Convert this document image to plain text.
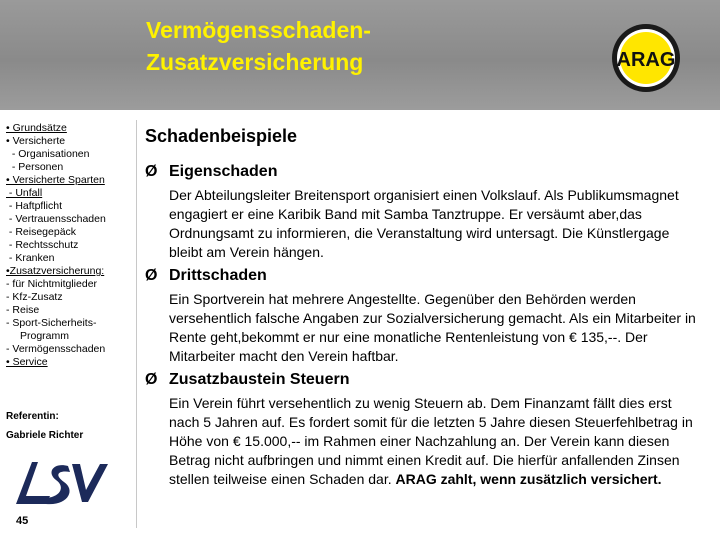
Vermögensschaden-
Zusatzversicherung	ARAG
• Grundsätze
• Versicherte
- Organisationen
- Personen
• Versicherte Sparten
- Unfall
- Haftpflicht
- Vertrauensschaden
- Reisegepäck
- Rechtsschutz
- Kranken
•Zusatzversicherung:
- für Nichtmitglieder
- Kfz-Zusatz
- Reise
- Sport-Sicherheits-
Programm
- Vermögensschaden
• Service
Referentin:
Gabriele Richter
LSV
45
Schadenbeispiele
Ø Eigenschaden

Der Abteilungsleiter Breitensport organisiert einen Volkslauf. Als Publikumsmagnet engagiert er eine Karibik Band mit Samba Tanztruppe. Er versäumt aber,das Ordnungsamt zu informieren, die Veranstaltung wird untersagt. Die Künstlergage bleibt am Verein hängen.

Ø Drittschaden

Ein Sportverein hat mehrere Angestellte. Gegenüber den Behörden werden versehentlich falsche Angaben zur Sozialversicherung gemacht. Als ein Mitarbeiter in Rente geht,bekommt er nur eine monatliche Rentenleistung von € 135,--. Der Mitarbeiter macht den Verein haftbar.

Ø Zusatzbaustein Steuern

Ein Verein führt versehentlich zu wenig Steuern ab. Dem Finanzamt fällt dies erst nach 5 Jahren auf. Es fordert somit für die letzten 5 Jahre diesen Steuerfehlbetrag in Höhe von € 15.000,-- im Rahmen einer Nachzahlung an. Der Verein kann diesen Betrag nicht aufbringen und nimmt einen Kredit auf. Die hierfür anfallenden Zinsen stellen teilweise einen Schaden dar. ARAG zahlt, wenn zusätzlich versichert.
